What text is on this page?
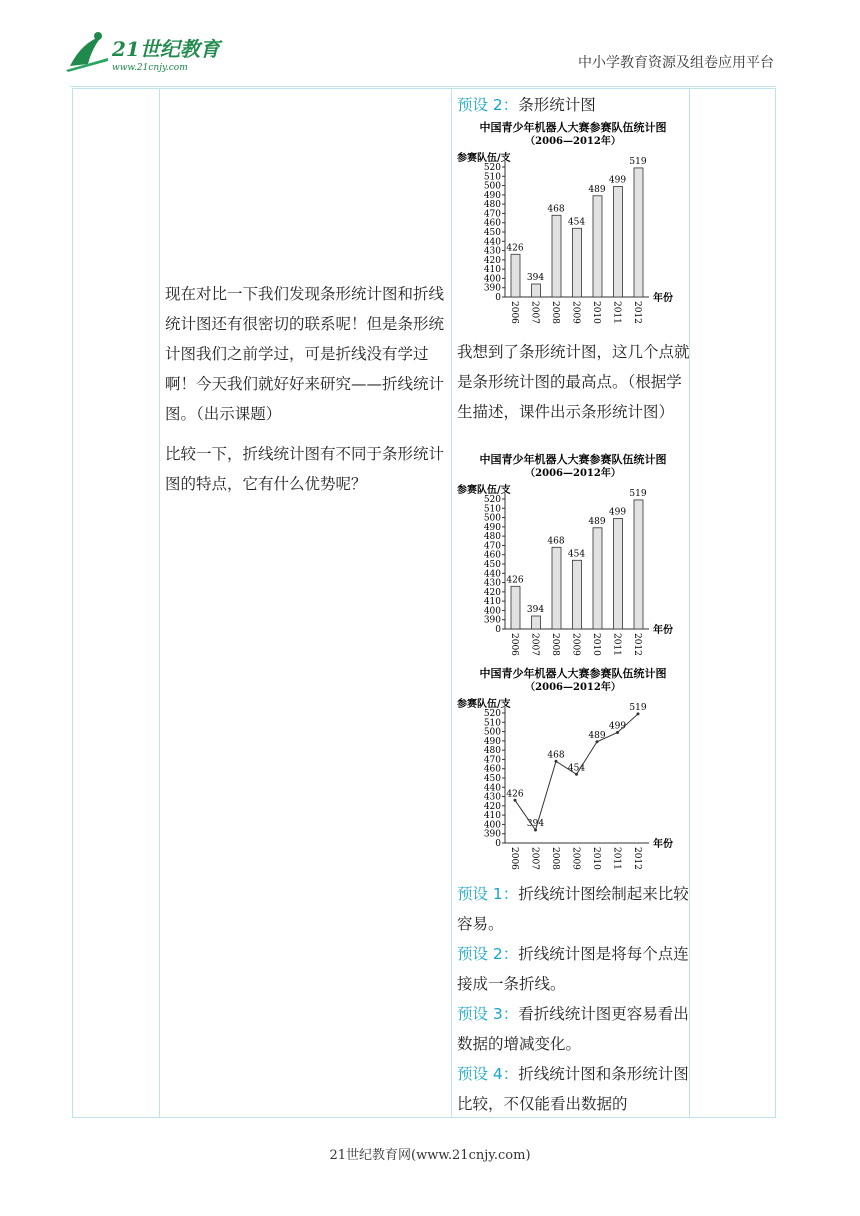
21世纪教育
www.21cnjy.com	中小学教育资源及组卷应用平台

现在对比一下我们发现条形统计图和折线统计图还有很密切的联系呢！但是条形统计图我们之前学过，可是折线没有学过啊！今天我们就好好来研究——折线统计图。（出示课题）

比较一下，折线统计图有不同于条形统计图的特点，它有什么优势呢？

预设 2：条形统计图
我想到了条形统计图，这几个点就是条形统计图的最高点。（根据学生描述，课件出示条形统计图）
预设 1：折线统计图绘制起来比较容易。
预设 2：折线统计图是将每个点连接成一条折线。
预设 3：看折线统计图更容易看出数据的增减变化。
预设 4：折线统计图和条形统计图比较，不仅能看出数据的
中国青少年机器人大赛参赛队伍统计图
（2006—2012年）
参赛队伍/支
年份
0
390
400
410
420
430
440
450
460
470
480
490
500
510
520
426
2006
394
2007
468
2008
454
2009
489
2010
499
2011
519
2012
中国青少年机器人大赛参赛队伍统计图
（2006—2012年）
参赛队伍/支
年份
0
390
400
410
420
430
440
450
460
470
480
490
500
510
520
426
2006
394
2007
468
2008
454
2009
489
2010
499
2011
519
2012
中国青少年机器人大赛参赛队伍统计图
（2006—2012年）
参赛队伍/支
年份
0
390
400
410
420
430
440
450
460
470
480
490
500
510
520
426
2006
394
2007
468
2008
454
2009
489
2010
499
2011
519
2012
21世纪教育网(www.21cnjy.com)
